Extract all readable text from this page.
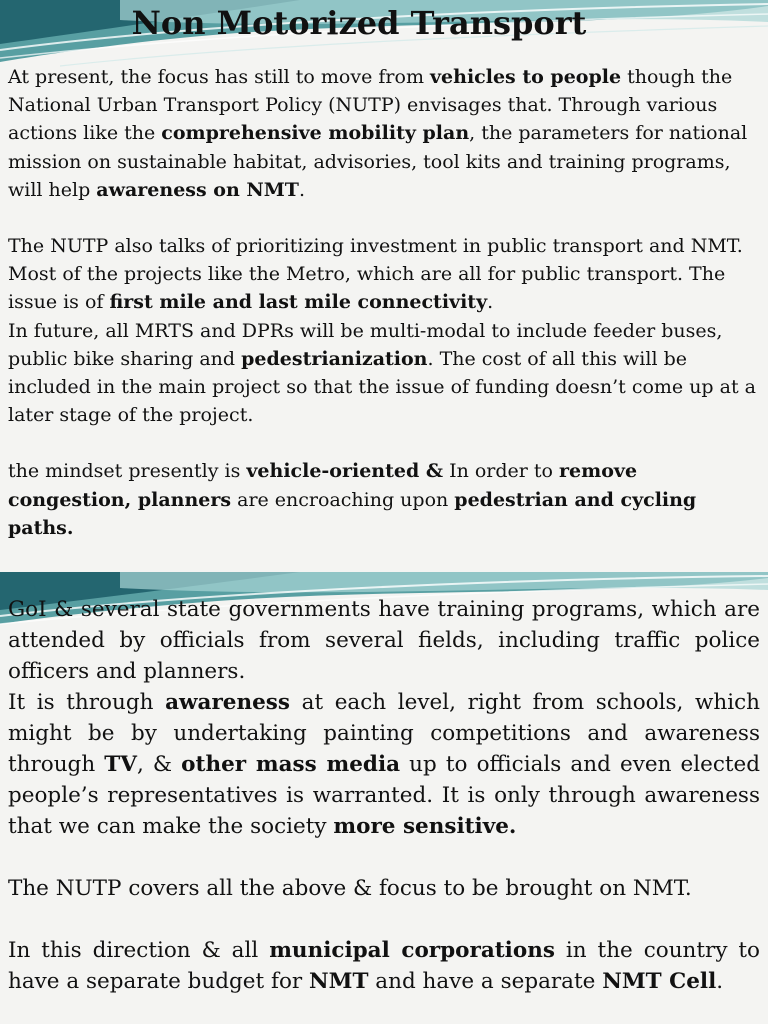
Non Motorized Transport

At present, the focus has still to move from vehicles to people though the National Urban Transport Policy (NUTP) envisages that. Through various actions like the comprehensive mobility plan, the parameters for national mission on sustainable habitat, advisories, tool kits and training programs, will help awareness on NMT.

The NUTP also talks of prioritizing investment in public transport and NMT.

Most of the projects like the Metro, which are all for public transport. The issue is of first mile and last mile connectivity.

In future, all MRTS and DPRs will be multi-modal to include feeder buses, public bike sharing and pedestrianization. The cost of all this will be included in the main project so that the issue of funding doesn’t come up at a later stage of the project.

the mindset presently is vehicle-oriented & In order to remove congestion, planners are encroaching upon pedestrian and cycling paths.

GoI & several state governments have training programs, which are attended by officials from several fields, including traffic police officers and planners.

It is through awareness at each level, right from schools, which might be by undertaking painting competitions and awareness through TV, & other mass media up to officials and even elected people’s representatives is warranted. It is only through awareness that we can make the society more sensitive.

The NUTP covers all the above & focus to be brought on NMT.

In this direction & all municipal corporations in the country to have a separate budget for NMT and have a separate NMT Cell.
